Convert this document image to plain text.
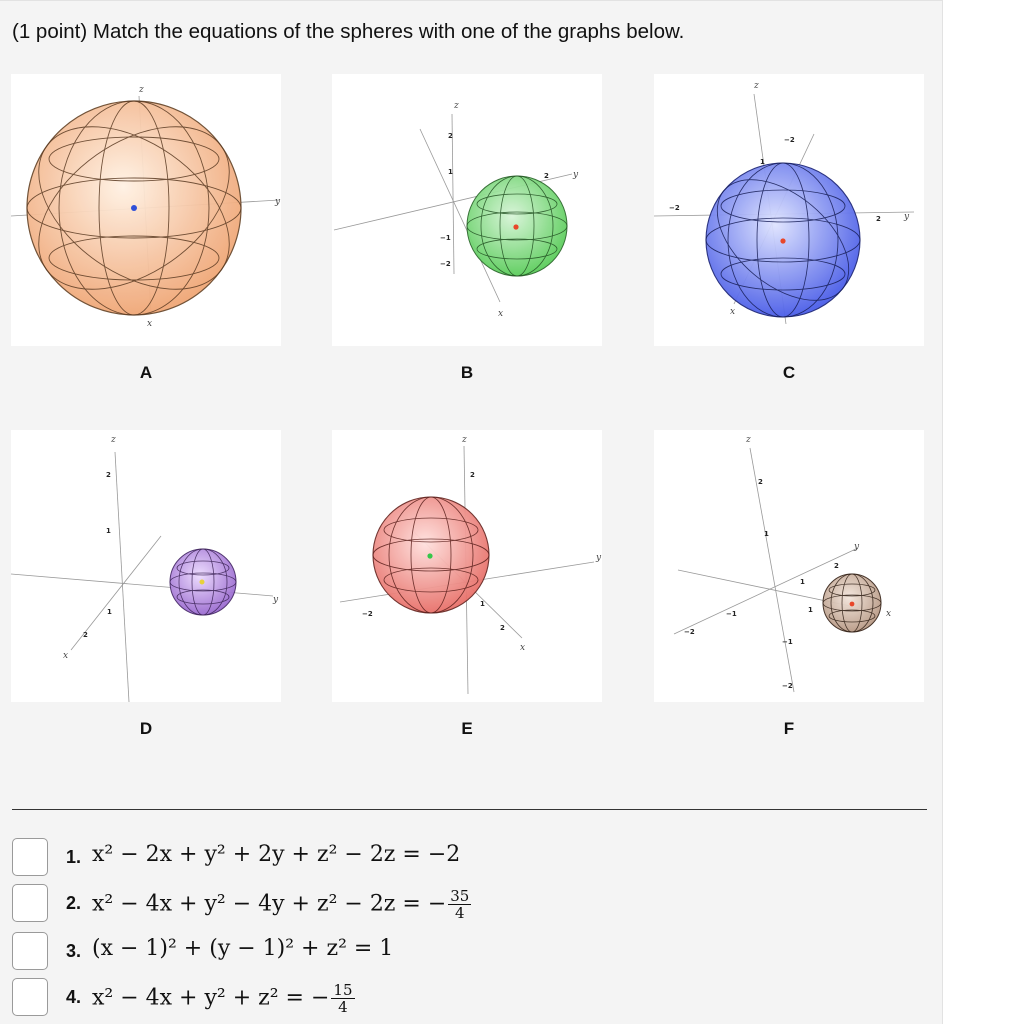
(1 point) Match the equations of the spheres with one of the graphs below.
z
y
x
A
z
y
x
2
1
−1
−2
2
B
z
y
x
−2
1
2
−2
C
z
y
x
2
1
1
2
D
z
y
x
2
−2
1
2
E
z
y
x
2
1
−1
−2
−1
−2
1
2
1
F
1. x² − 2x + y² + 2y + z² − 2z = −2
2. x² − 4x + y² − 4y + z² − 2z = − $\frac{35}{4}$
3. (x − 1)² + (y − 1)² + z² = 1
4. x² − 4x + y² + z² = − $\frac{15}{4}$
